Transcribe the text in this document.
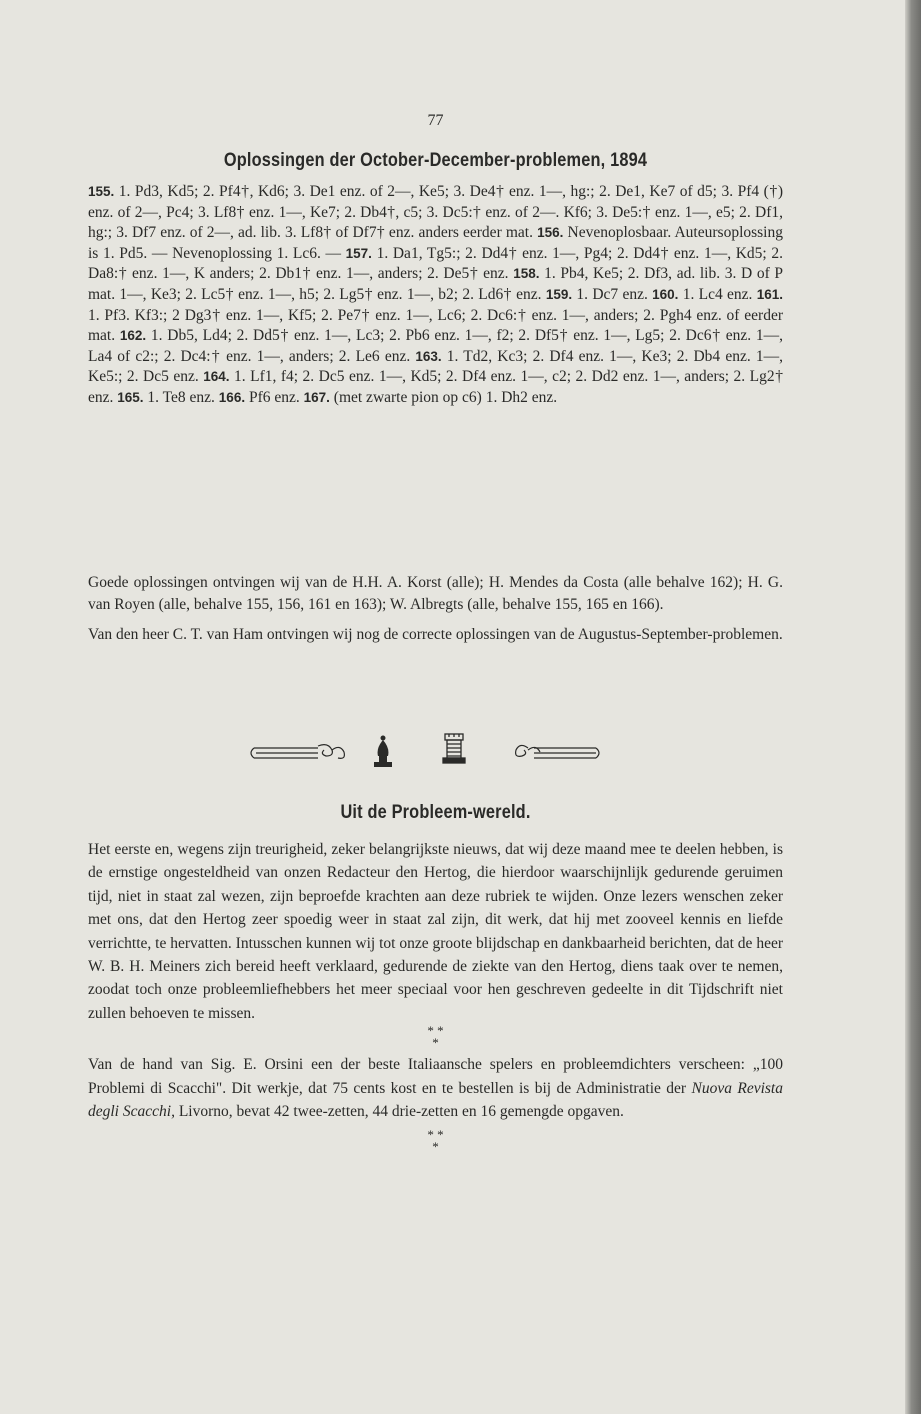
77
Oplossingen der October-December-problemen, 1894
155. 1. Pd3, Kd5; 2. Pf4†, Kd6; 3. De1 enz. of 2—, Ke5; 3. De4† enz. 1—, hg:; 2. De1, Ke7 of d5; 3. Pf4 (†) enz. of 2—, Pc4; 3. Lf8† enz. 1—, Ke7; 2. Db4†, c5; 3. Dc5:† enz. of 2—. Kf6; 3. De5:† enz. 1—, e5; 2. Df1, hg:; 3. Df7 enz. of 2—, ad. lib. 3. Lf8† of Df7† enz. anders eerder mat. 156. Nevenoplosbaar. Auteursoplossing is 1. Pd5. — Nevenoplossing 1. Lc6. — 157. 1. Da1, Tg5:; 2. Dd4† enz. 1—, Pg4; 2. Dd4† enz. 1—, Kd5; 2. Da8:† enz. 1—, K anders; 2. Db1† enz. 1—, anders; 2. De5† enz. 158. 1. Pb4, Ke5; 2. Df3, ad. lib. 3. D of P mat. 1—, Ke3; 2. Lc5† enz. 1—, h5; 2. Lg5† enz. 1—, b2; 2. Ld6† enz. 159. 1. Dc7 enz. 160. 1. Lc4 enz. 161. 1. Pf3. Kf3:; 2 Dg3† enz. 1—, Kf5; 2. Pe7† enz. 1—, Lc6; 2. Dc6:† enz. 1—, anders; 2. Pgh4 enz. of eerder mat. 162. 1. Db5, Ld4; 2. Dd5† enz. 1—, Lc3; 2. Pb6 enz. 1—, f2; 2. Df5† enz. 1—, Lg5; 2. Dc6† enz. 1—, La4 of c2:; 2. Dc4:† enz. 1—, anders; 2. Le6 enz. 163. 1. Td2, Kc3; 2. Df4 enz. 1—, Ke3; 2. Db4 enz. 1—, Ke5:; 2. Dc5 enz. 164. 1. Lf1, f4; 2. Dc5 enz. 1—, Kd5; 2. Df4 enz. 1—, c2; 2. Dd2 enz. 1—, anders; 2. Lg2† enz. 165. 1. Te8 enz. 166. Pf6 enz. 167. (met zwarte pion op c6) 1. Dh2 enz.

Goede oplossingen ontvingen wij van de H.H. A. Korst (alle); H. Mendes da Costa (alle behalve 162); H. G. van Royen (alle, behalve 155, 156, 161 en 163); W. Albregts (alle, behalve 155, 165 en 166).

Van den heer C. T. van Ham ontvingen wij nog de correcte oplossingen van de Augustus-September-problemen.

Uit de Probleem-wereld.

Het eerste en, wegens zijn treurigheid, zeker belangrijkste nieuws, dat wij deze maand mee te deelen hebben, is de ernstige ongesteldheid van onzen Redacteur den Hertog, die hierdoor waarschijnlijk gedurende geruimen tijd, niet in staat zal wezen, zijn beproefde krachten aan deze rubriek te wijden. Onze lezers wenschen zeker met ons, dat den Hertog zeer spoedig weer in staat zal zijn, dit werk, dat hij met zooveel kennis en liefde verrichtte, te hervatten. Intusschen kunnen wij tot onze groote blijdschap en dankbaarheid berichten, dat de heer W. B. H. Meiners zich bereid heeft verklaard, gedurende de ziekte van den Hertog, diens taak over te nemen, zoodat toch onze probleemliefhebbers het meer speciaal voor hen geschreven gedeelte in dit Tijdschrift niet zullen behoeven te missen.

* *
*

Van de hand van Sig. E. Orsini een der beste Italiaansche spelers en probleemdichters verscheen: „100 Problemi di Scacchi". Dit werkje, dat 75 cents kost en te bestellen is bij de Administratie der Nuova Revista degli Scacchi, Livorno, bevat 42 twee-zetten, 44 drie-zetten en 16 gemengde opgaven.

* *
*
